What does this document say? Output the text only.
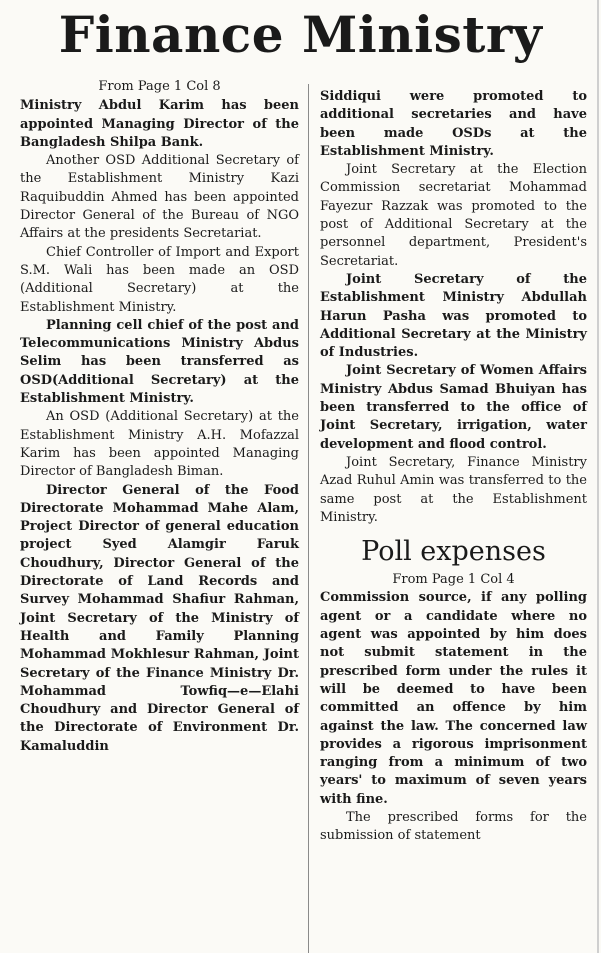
Finance Ministry
From Page 1 Col 8

Ministry Abdul Karim has been appointed Managing Director of the Bangladesh Shilpa Bank.

Another OSD Additional Secretary of the Establishment Ministry Kazi Raquibuddin Ahmed has been appointed Director General of the Bureau of NGO Affairs at the presidents Secretariat.

Chief Controller of Import and Export S.M. Wali has been made an OSD (Additional Secretary) at the Establishment Ministry.

Planning cell chief of the post and Telecommunications Ministry Abdus Selim has been transferred as OSD(Additional Secretary) at the Establishment Ministry.

An OSD (Additional Secretary) at the Establishment Ministry A.H. Mofazzal Karim has been appointed Managing Director of Bangladesh Biman.

Director General of the Food Directorate Mohammad Mahe Alam, Project Director of general education project Syed Alamgir Faruk Choudhury, Director General of the Directorate of Land Records and Survey Mohammad Shafiur Rahman, Joint Secretary of the Ministry of Health and Family Planning Mohammad Mokhlesur Rahman, Joint Secretary of the Finance Ministry Dr. Mohammad Towfiq—e—Elahi Choudhury and Director General of the Directorate of Environment Dr. Kamaluddin

Siddiqui were promoted to additional secretaries and have been made OSDs at the Establishment Ministry.

Joint Secretary at the Election Commission secretariat Mohammad Fayezur Razzak was promoted to the post of Additional Secretary at the personnel department, President's Secretariat.

Joint Secretary of the Establishment Ministry Abdullah Harun Pasha was promoted to Additional Secretary at the Ministry of Industries.

Joint Secretary of Women Affairs Ministry Abdus Samad Bhuiyan has been transferred to the office of Joint Secretary, irrigation, water development and flood control.

Joint Secretary, Finance Ministry Azad Ruhul Amin was transferred to the same post at the Establishment Ministry.

Poll expenses
From Page 1 Col 4

Commission source, if any polling agent or a candidate where no agent was appointed by him does not submit statement in the prescribed form under the rules it will be deemed to have been committed an offence by him against the law. The concerned law provides a rigorous imprisonment ranging from a minimum of two years' to maximum of seven years with fine.

The prescribed forms for the submission of statement
